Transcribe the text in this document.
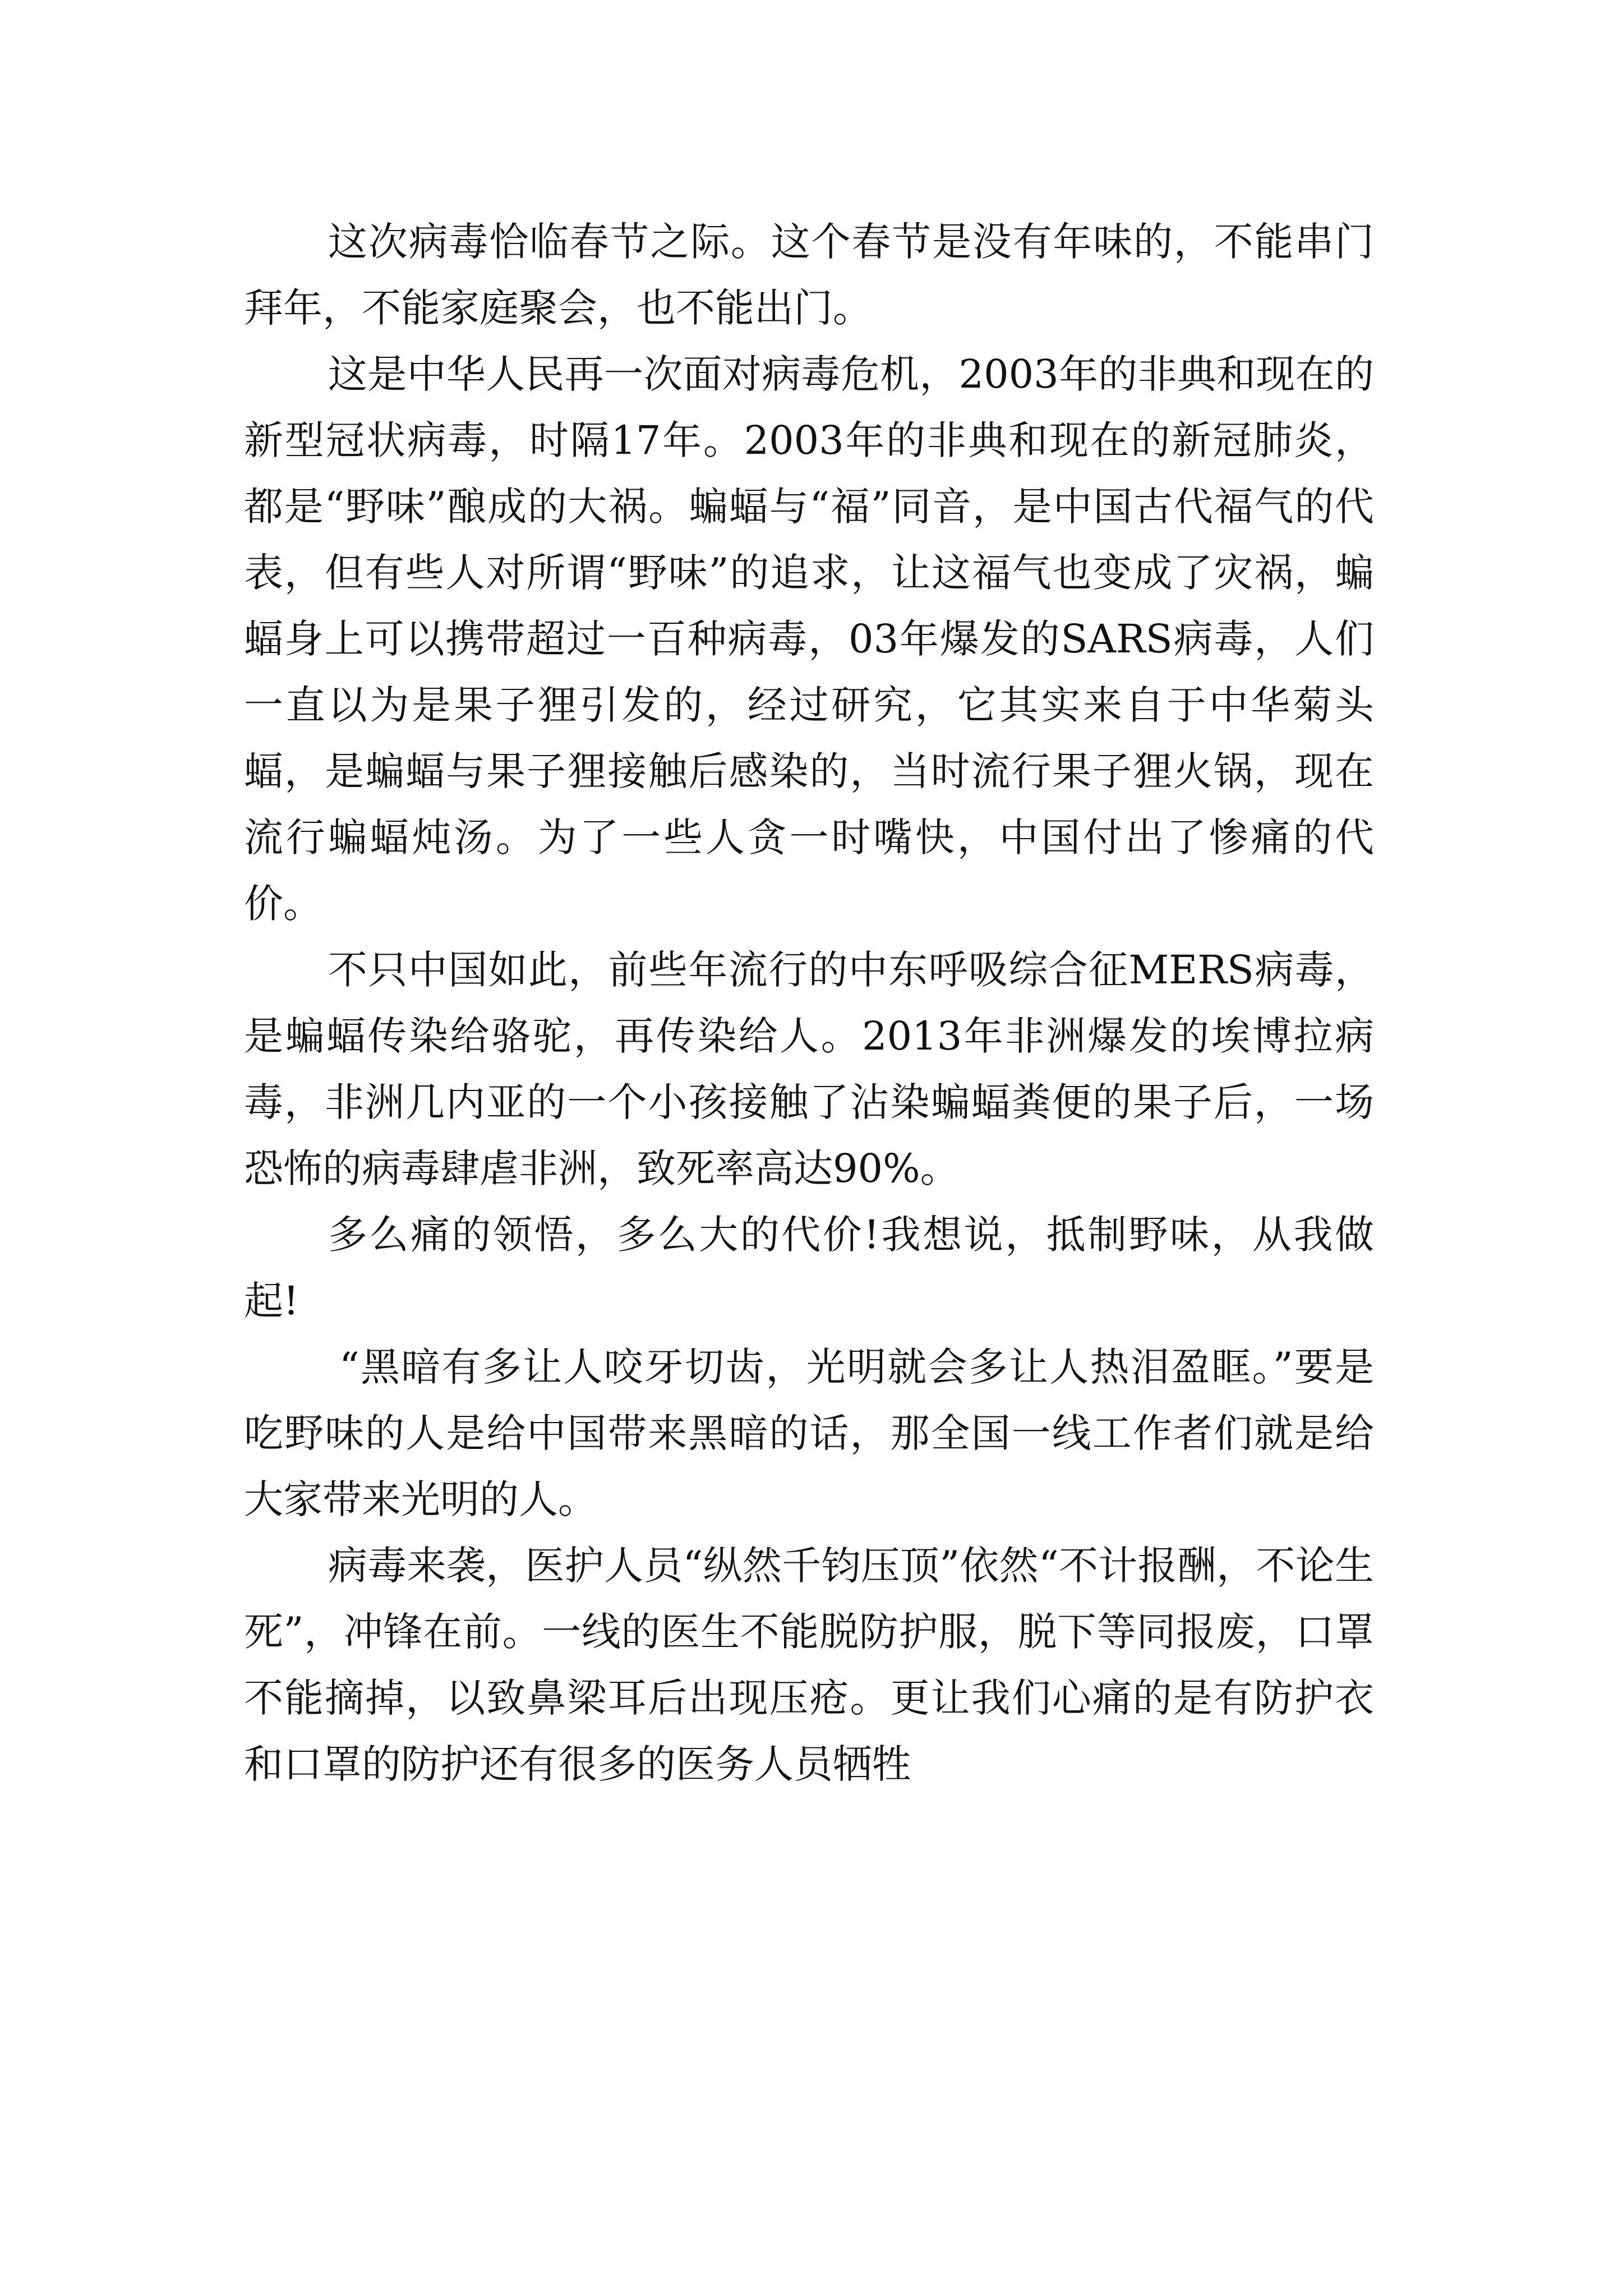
这次病毒恰临春节之际。这个春节是没有年味的，不能串门拜年，不能家庭聚会，也不能出门。

这是中华人民再一次面对病毒危机，2003年的非典和现在的新型冠状病毒，时隔17年。2003年的非典和现在的新冠肺炎，都是“野味”酿成的大祸。蝙蝠与“福”同音，是中国古代福气的代表，但有些人对所谓“野味”的追求，让这福气也变成了灾祸，蝙蝠身上可以携带超过一百种病毒，03年爆发的SARS病毒，人们一直以为是果子狸引发的，经过研究，它其实来自于中华菊头蝠，是蝙蝠与果子狸接触后感染的，当时流行果子狸火锅，现在流行蝙蝠炖汤。为了一些人贪一时嘴快，中国付出了惨痛的代价。

不只中国如此，前些年流行的中东呼吸综合征MERS病毒，是蝙蝠传染给骆驼，再传染给人。2013年非洲爆发的埃博拉病毒，非洲几内亚的一个小孩接触了沾染蝙蝠粪便的果子后，一场恐怖的病毒肆虐非洲，致死率高达90%。

多么痛的领悟，多么大的代价!我想说，抵制野味，从我做起!

“黑暗有多让人咬牙切齿，光明就会多让人热泪盈眶。”要是吃野味的人是给中国带来黑暗的话，那全国一线工作者们就是给大家带来光明的人。

病毒来袭，医护人员“纵然千钧压顶”依然“不计报酬，不论生死”，冲锋在前。一线的医生不能脱防护服，脱下等同报废，口罩不能摘掉，以致鼻梁耳后出现压疮。更让我们心痛的是有防护衣和口罩的防护还有很多的医务人员牺牲
